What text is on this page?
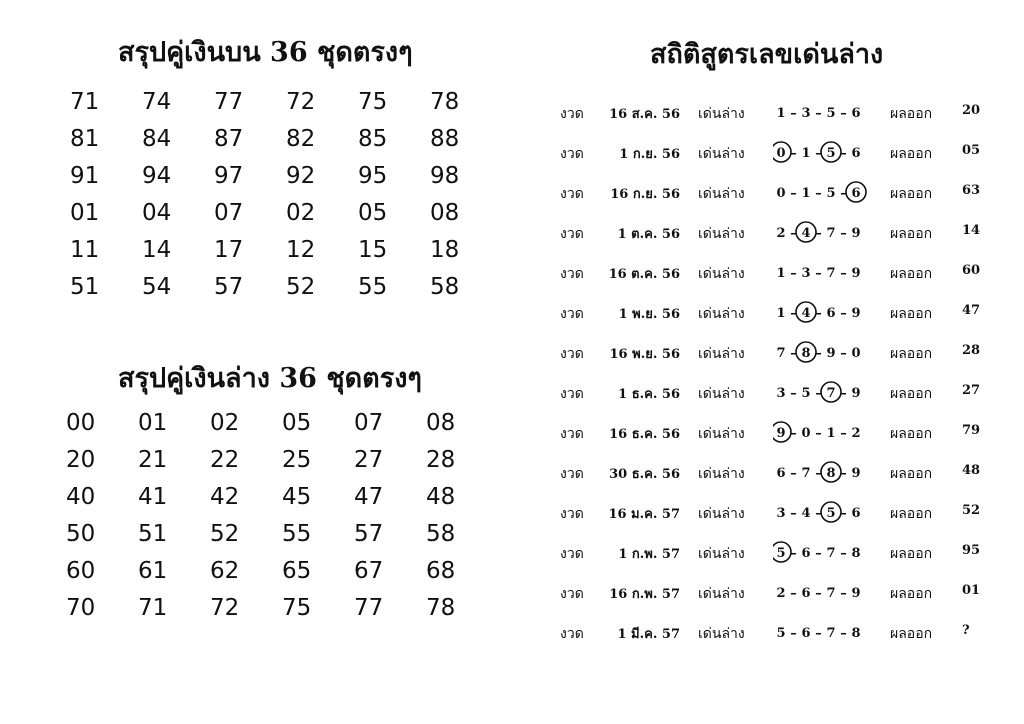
สรุปคู่เงินบน 36 ชุดตรงๆ
71	74	77	72	75	78
81	84	87	82	85	88
91	94	97	92	95	98
01	04	07	02	05	08
11	14	17	12	15	18
51	54	57	52	55	58
สรุปคู่เงินล่าง 36 ชุดตรงๆ
00	01	02	05	07	08
20	21	22	25	27	28
40	41	42	45	47	48
50	51	52	55	57	58
60	61	62	65	67	68
70	71	72	75	77	78
สถิติสูตรเลขเด่นล่าง
งวด	16 ส.ค. 56 เด่นล่าง 1 – 3 – 5 – 6 ผลออก 20
งวด	1 ก.ย. 56 เด่นล่าง 0 – 1 – 5 – 6 ผลออก 05
งวด	16 ก.ย. 56 เด่นล่าง 0 – 1 – 5 – 6 ผลออก 63
งวด	1 ต.ค. 56 เด่นล่าง 2 – 4 – 7 – 9 ผลออก 14
งวด 16 ต.ค. 56 เด่นล่าง 1 – 3 – 7 – 9 ผลออก 60
งวด	1 พ.ย. 56 เด่นล่าง 1 – 4 – 6 – 9 ผลออก 47
งวด	16 พ.ย. 56 เด่นล่าง 7 – 8 – 9 – 0 ผลออก 28
งวด	1 ธ.ค. 56 เด่นล่าง 3 – 5 – 7 – 9 ผลออก 27
งวด	16 ธ.ค. 56 เด่นล่าง 9 – 0 – 1 – 2 ผลออก 79
งวด	30 ธ.ค. 56 เด่นล่าง 6 – 7 – 8 – 9 ผลออก 48
งวด 16 ม.ค. 57 เด่นล่าง 3 – 4 – 5 – 6 ผลออก 52
งวด	1 ก.พ. 57 เด่นล่าง 5 – 6 – 7 – 8 ผลออก 95
งวด	16 ก.พ. 57 เด่นล่าง 2 – 6 – 7 – 9 ผลออก 01
งวด	1 มี.ค. 57 เด่นล่าง 5 – 6 – 7 – 8 ผลออก ?
